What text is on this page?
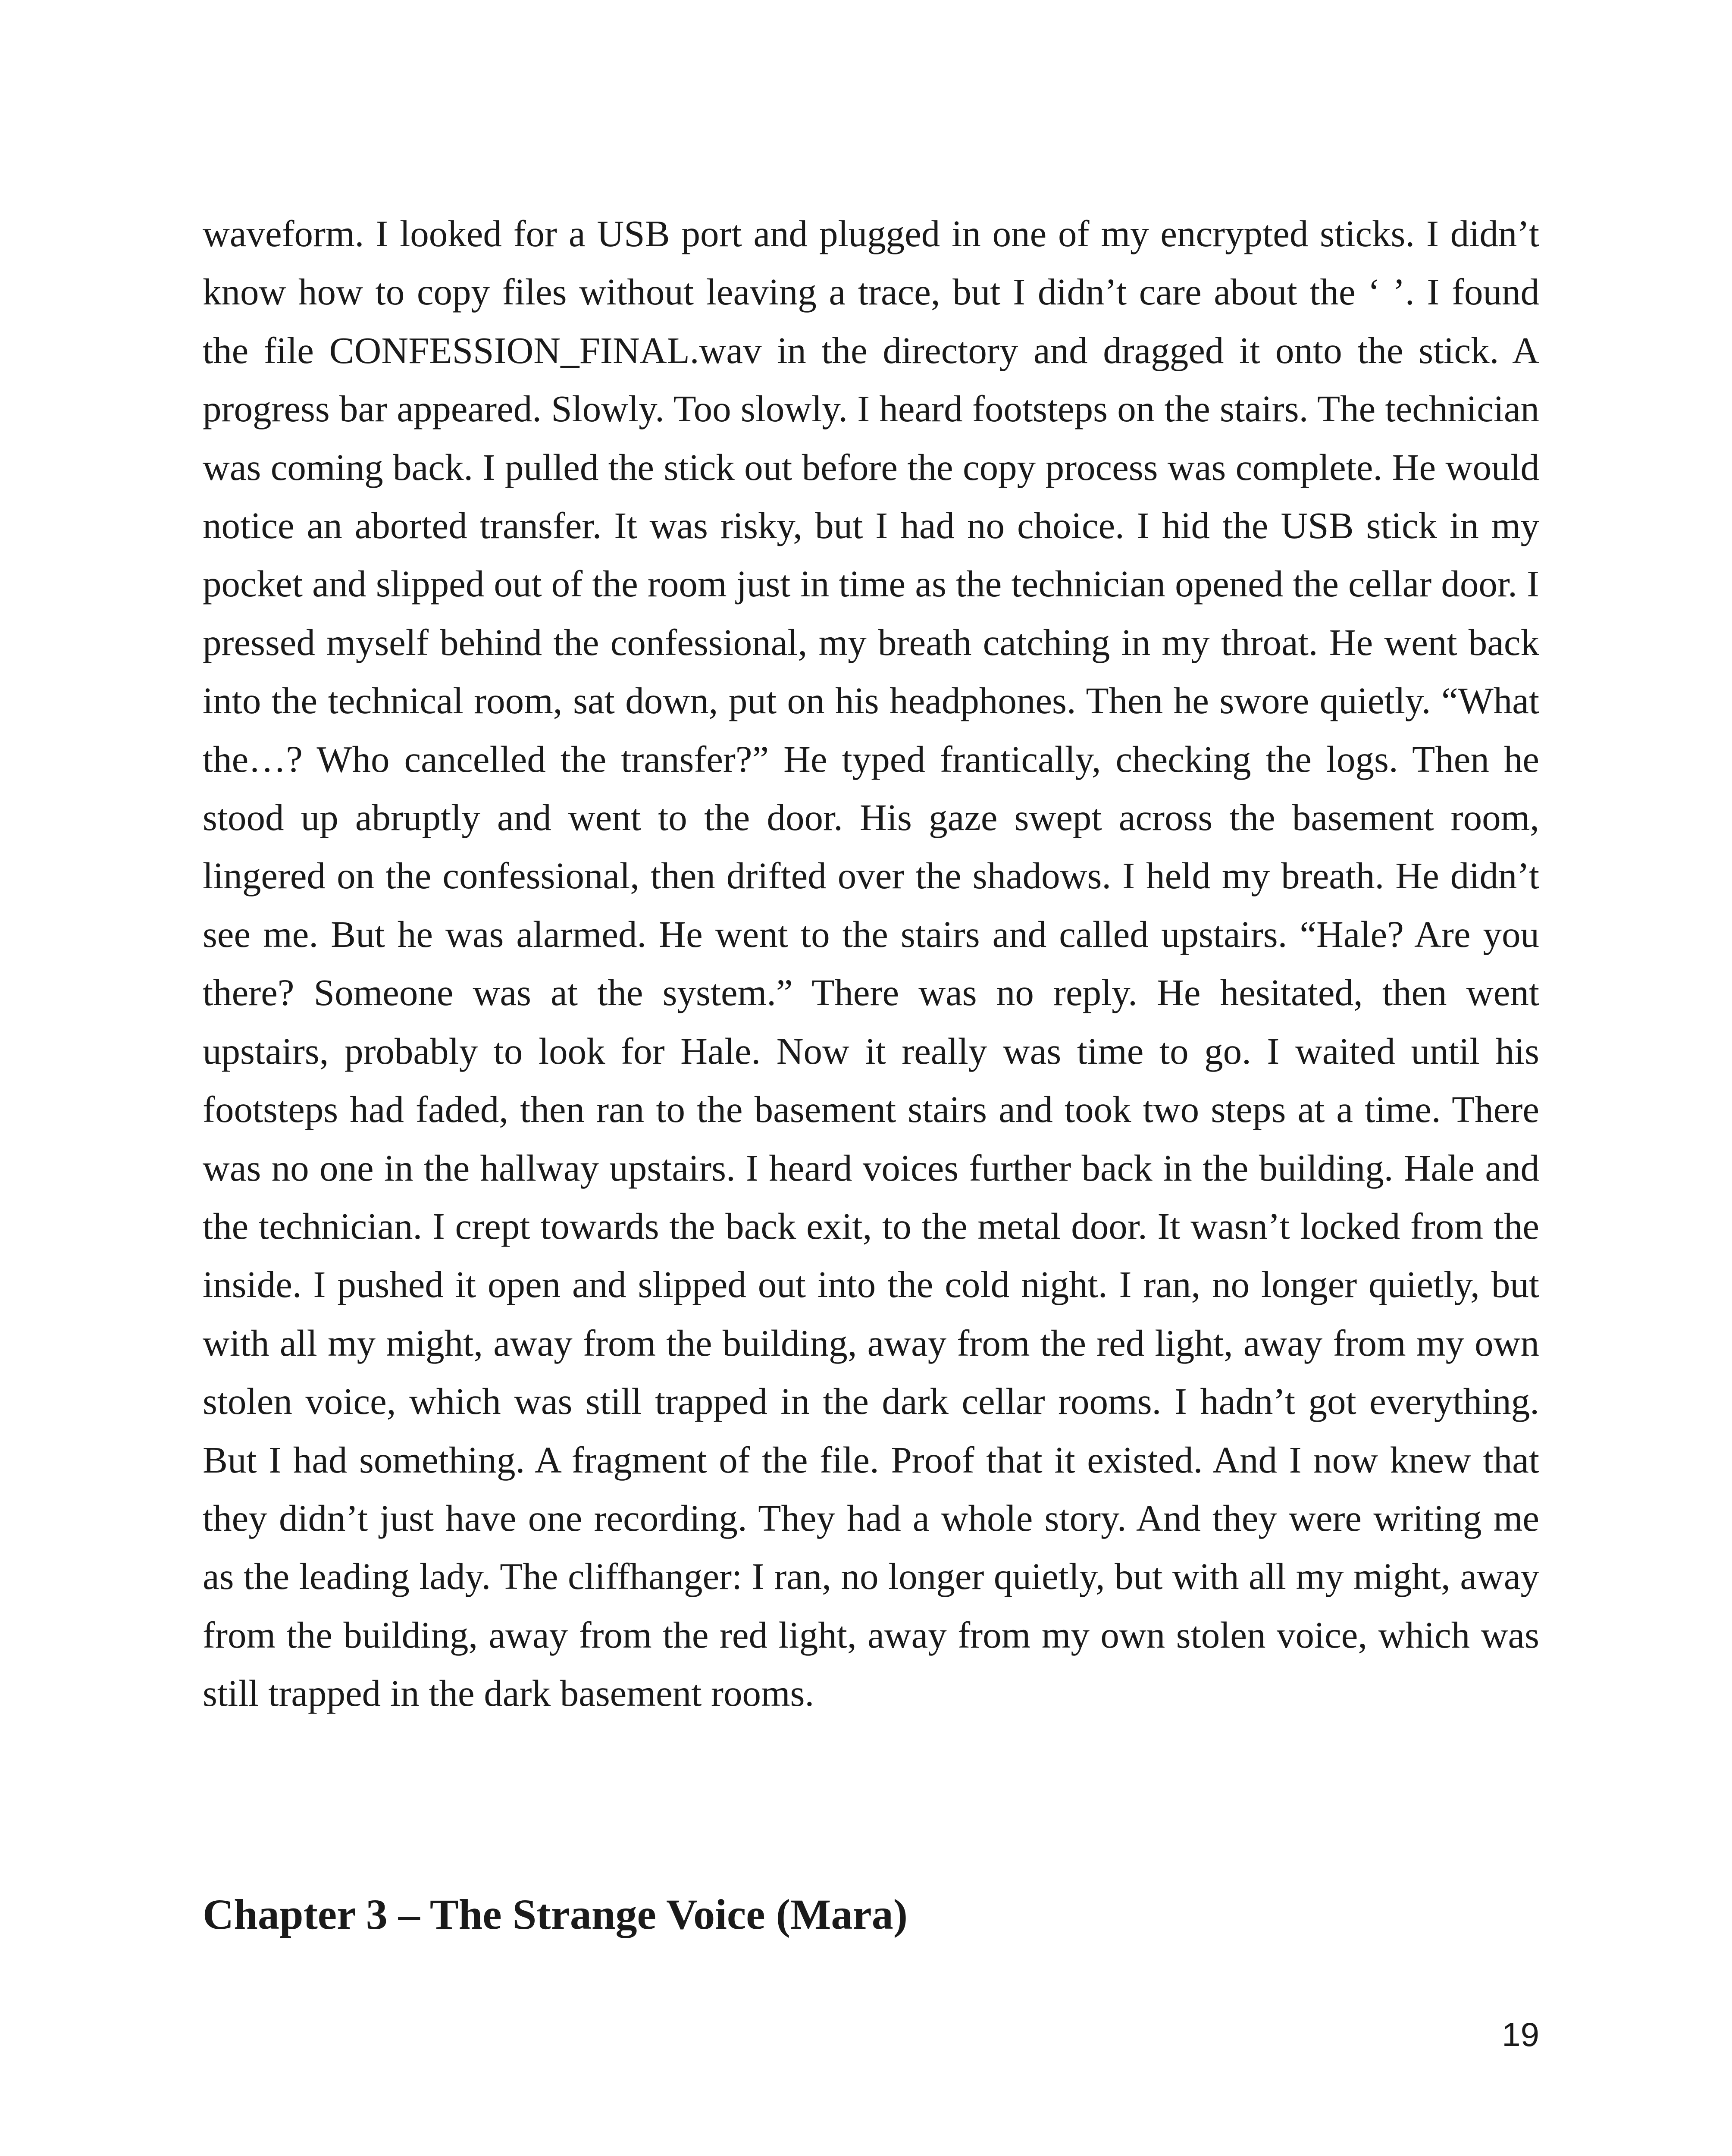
waveform. I looked for a USB port and plugged in one of my encrypted sticks. I didn’t know how to copy files without leaving a trace, but I didn’t care about the ‘ ’. I found the file CONFESSION_FINAL.wav in the directory and dragged it onto the stick. A progress bar appeared. Slowly. Too slowly. I heard footsteps on the stairs. The technician was coming back. I pulled the stick out before the copy process was complete. He would notice an aborted transfer. It was risky, but I had no choice. I hid the USB stick in my pocket and slipped out of the room just in time as the technician opened the cellar door. I pressed myself behind the confessional, my breath catching in my throat. He went back into the technical room, sat down, put on his headphones. Then he swore quietly. “What the…? Who cancelled the transfer?” He typed frantically, checking the logs. Then he stood up abruptly and went to the door. His gaze swept across the basement room, lingered on the confessional, then drifted over the shadows. I held my breath. He didn’t see me. But he was alarmed. He went to the stairs and called upstairs. “Hale? Are you there? Someone was at the system.” There was no reply. He hesitated, then went upstairs, probably to look for Hale. Now it really was time to go. I waited until his footsteps had faded, then ran to the basement stairs and took two steps at a time. There was no one in the hallway upstairs. I heard voices further back in the building. Hale and the technician. I crept towards the back exit, to the metal door. It wasn’t locked from the inside. I pushed it open and slipped out into the cold night. I ran, no longer quietly, but with all my might, away from the building, away from the red light, away from my own stolen voice, which was still trapped in the dark cellar rooms. I hadn’t got everything. But I had something. A fragment of the file. Proof that it existed. And I now knew that they didn’t just have one recording. They had a whole story. And they were writing me as the leading lady. The cliffhanger: I ran, no longer quietly, but with all my might, away from the building, away from the red light, away from my own stolen voice, which was still trapped in the dark basement rooms.

Chapter 3 – The Strange Voice (Mara)
19
